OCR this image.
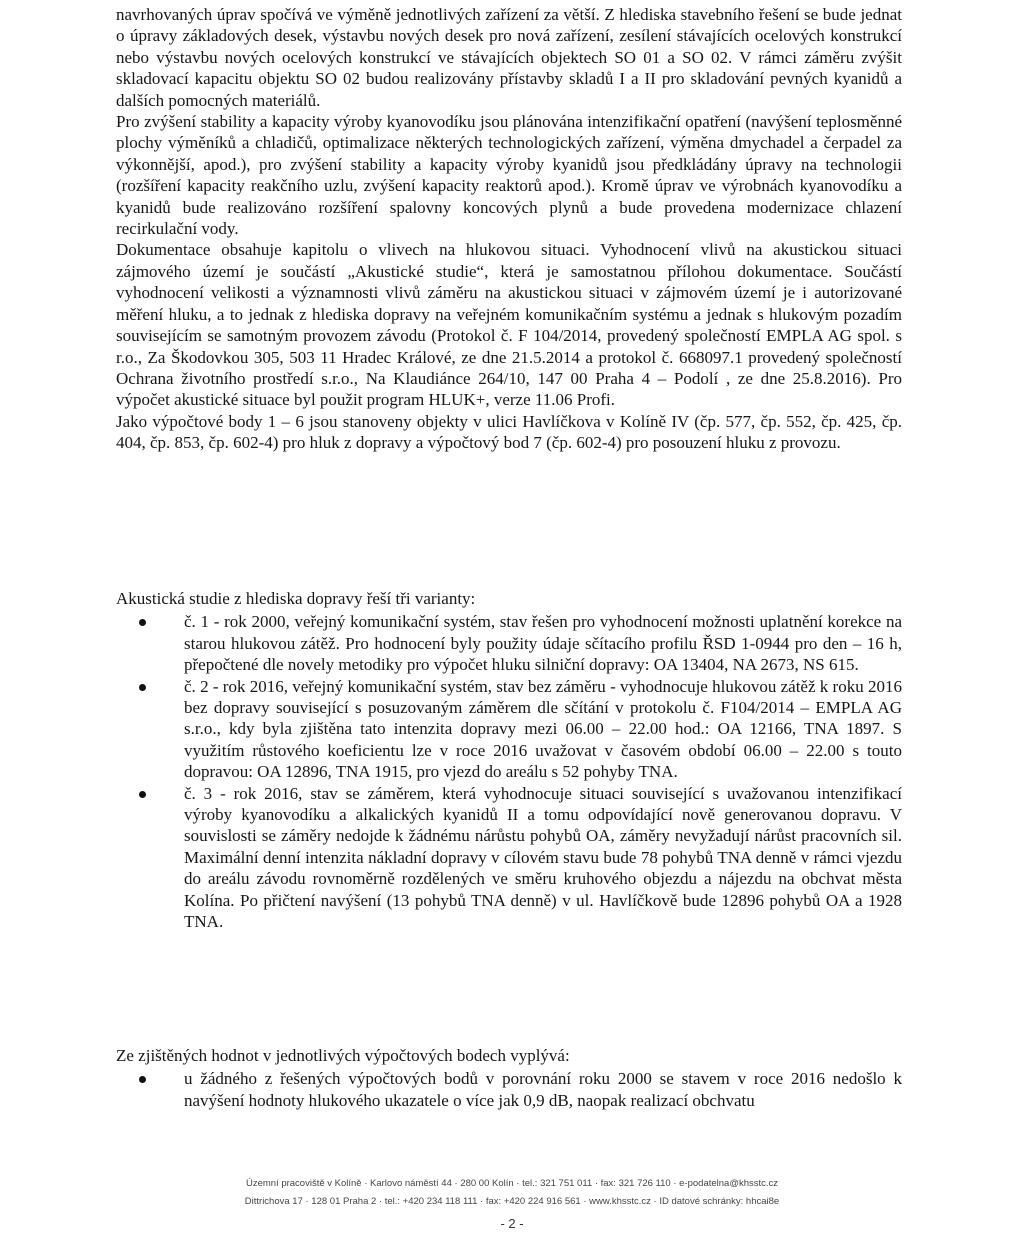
navrhovaných úprav spočívá ve výměně jednotlivých zařízení za větší. Z hlediska stavebního řešení se bude jednat o úpravy základových desek, výstavbu nových desek pro nová zařízení, zesílení stávajících ocelových konstrukcí nebo výstavbu nových ocelových konstrukcí ve stávajících objektech SO 01 a SO 02. V rámci záměru zvýšit skladovací kapacitu objektu SO 02 budou realizovány přístavby skladů I a II pro skladování pevných kyanidů a dalších pomocných materiálů.

Pro zvýšení stability a kapacity výroby kyanovodíku jsou plánována intenzifikační opatření (navýšení teplosměnné plochy výměníků a chladičů, optimalizace některých technologických zařízení, výměna dmychadel a čerpadel za výkonnější, apod.), pro zvýšení stability a kapacity výroby kyanidů jsou předkládány úpravy na technologii (rozšíření kapacity reakčního uzlu, zvýšení kapacity reaktorů apod.). Kromě úprav ve výrobnách kyanovodíku a kyanidů bude realizováno rozšíření spalovny koncových plynů a bude provedena modernizace chlazení recirkulační vody.

Dokumentace obsahuje kapitolu o vlivech na hlukovou situaci. Vyhodnocení vlivů na akustickou situaci zájmového území je součástí „Akustické studie“, která je samostatnou přílohou dokumentace. Součástí vyhodnocení velikosti a významnosti vlivů záměru na akustickou situaci v zájmovém území je i autorizované měření hluku, a to jednak z hlediska dopravy na veřejném komunikačním systému a jednak s hlukovým pozadím souvisejícím se samotným provozem závodu (Protokol č. F 104/2014, provedený společností EMPLA AG spol. s r.o., Za Škodovkou 305, 503 11 Hradec Králové, ze dne 21.5.2014 a protokol č. 668097.1 provedený společností Ochrana životního prostředí s.r.o., Na Klaudiánce 264/10, 147 00 Praha 4 – Podolí , ze dne 25.8.2016). Pro výpočet akustické situace byl použit program HLUK+, verze 11.06 Profi.

Jako výpočtové body 1 – 6 jsou stanoveny objekty v ulici Havlíčkova v Kolíně IV (čp. 577, čp. 552, čp. 425, čp. 404, čp. 853, čp. 602-4) pro hluk z dopravy a výpočtový bod 7 (čp. 602-4) pro posouzení hluku z provozu.

Akustická studie z hlediska dopravy řeší tři varianty:

č. 1 - rok 2000, veřejný komunikační systém, stav řešen pro vyhodnocení možnosti uplatnění korekce na starou hlukovou zátěž. Pro hodnocení byly použity údaje sčítacího profilu ŘSD 1-0944 pro den – 16 h, přepočtené dle novely metodiky pro výpočet hluku silniční dopravy: OA 13404, NA 2673, NS 615.

č. 2 - rok 2016, veřejný komunikační systém, stav bez záměru - vyhodnocuje hlukovou zátěž k roku 2016 bez dopravy související s posuzovaným záměrem dle sčítání v protokolu č. F104/2014 – EMPLA AG s.r.o., kdy byla zjištěna tato intenzita dopravy mezi 06.00 – 22.00 hod.: OA 12166, TNA 1897. S využitím růstového koeficientu lze v roce 2016 uvažovat v časovém období 06.00 – 22.00 s touto dopravou: OA 12896, TNA 1915, pro vjezd do areálu s 52 pohyby TNA.

č. 3 - rok 2016, stav se záměrem, která vyhodnocuje situaci související s uvažovanou intenzifikací výroby kyanovodíku a alkalických kyanidů II a tomu odpovídající nově generovanou dopravu. V souvislosti se záměry nedojde k žádnému nárůstu pohybů OA, záměry nevyžadují nárůst pracovních sil. Maximální denní intenzita nákladní dopravy v cílovém stavu bude 78 pohybů TNA denně v rámci vjezdu do areálu závodu rovnoměrně rozdělených ve směru kruhového objezdu a nájezdu na obchvat města Kolína. Po přičtení navýšení (13 pohybů TNA denně) v ul. Havlíčkově bude 12896 pohybů OA a 1928 TNA.

Ze zjištěných hodnot v jednotlivých výpočtových bodech vyplývá:

u žádného z řešených výpočtových bodů v porovnání roku 2000 se stavem v roce 2016 nedošlo k navýšení hodnoty hlukového ukazatele o více jak 0,9 dB, naopak realizací obchvatu

Územní pracoviště v Kolíně · Karlovo náměstí 44 · 280 00 Kolín · tel.: 321 751 011 · fax: 321 726 110 · e-podatelna@khsstc.cz
Dittrichova 17 · 128 01 Praha 2 · tel.: +420 234 118 111 · fax: +420 224 916 561 · www.khsstc.cz · ID datové schránky: hhcai8e
- 2 -
